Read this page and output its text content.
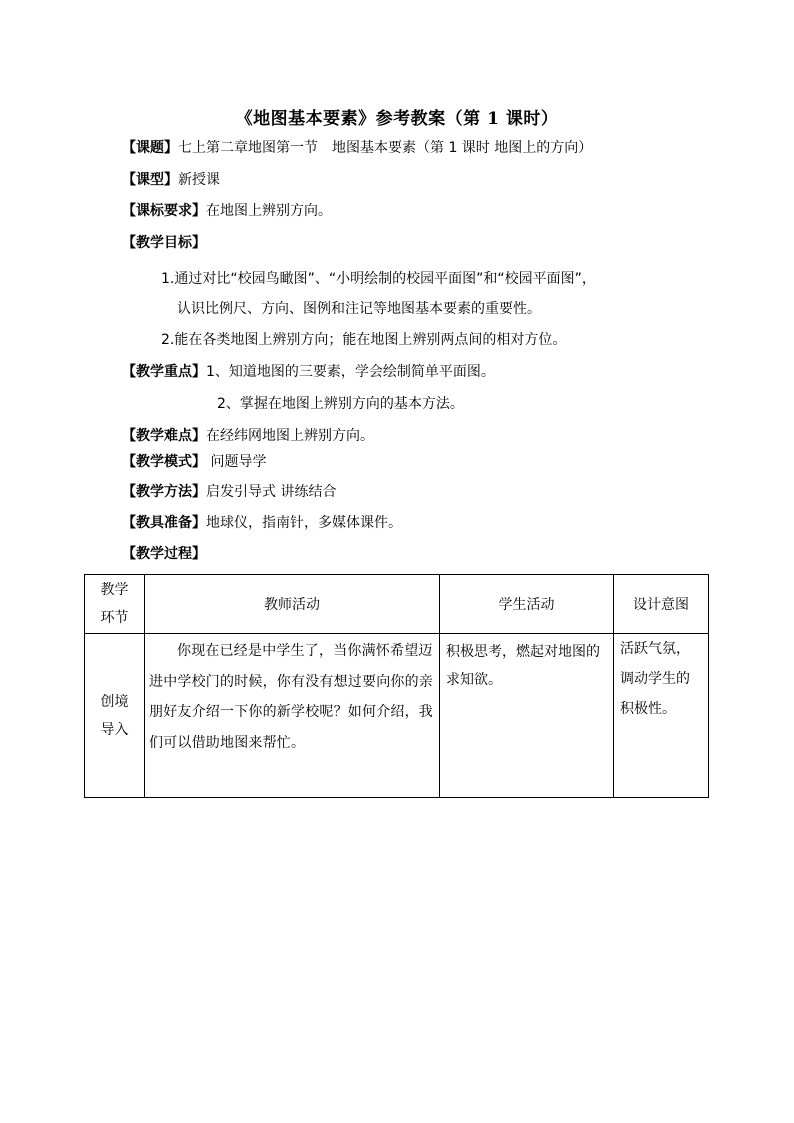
《地图基本要素》参考教案（第 1 课时）
【课题】七上第二章地图第一节　地图基本要素（第 1 课时 地图上的方向）
【课型】新授课
【课标要求】在地图上辨别方向。
【教学目标】
1.通过对比“校园鸟瞰图”、“小明绘制的校园平面图”和“校园平面图”，
认识比例尺、方向、图例和注记等地图基本要素的重要性。
2.能在各类地图上辨别方向；能在地图上辨别两点间的相对方位。
【教学重点】1、知道地图的三要素，学会绘制简单平面图。
2、掌握在地图上辨别方向的基本方法。
【教学难点】在经纬网地图上辨别方向。
【教学模式】 问题导学
【教学方法】启发引导式 讲练结合
【教具准备】地球仪，指南针，多媒体课件。
【教学过程】
教学
环节	教师活动	学生活动	设计意图

创境
导入	你现在已经是中学生了，当你满怀希望迈进中学校门的时候，你有没有想过要向你的亲朋好友介绍一下你的新学校呢？如何介绍，我们可以借助地图来帮忙。	积极思考，燃起对地图的求知欲。	活跃气氛，调动学生的积极性。
